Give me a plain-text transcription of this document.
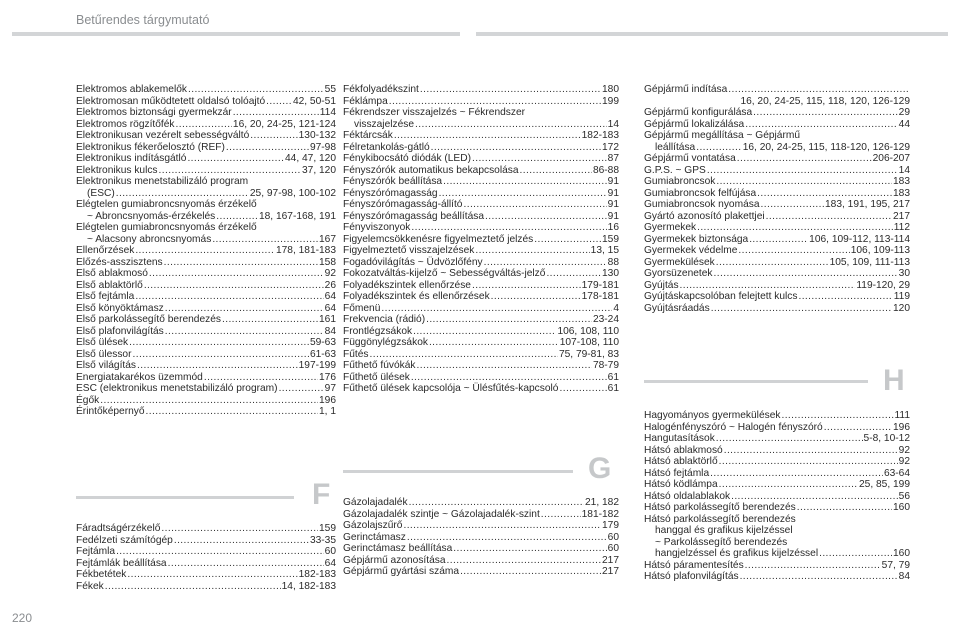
Betűrendes tárgymutató
Elektromos ablakemelők .....	55
Elektromosan működtetett oldalsó tolóajtó .....	42, 50-51
Elektromos biztonsági gyermekzár .....	114
Elektromos rögzítőfék .....	16, 20, 24-25, 121-124
Elektronikusan vezérelt sebességváltó .....	130-132
Elektronikus fékerőelosztó (REF) .....	97-98
Elektronikus indításgátló .....	44, 47, 120
Elektronikus kulcs .....	37, 120
Elektronikus menetstabilizáló program
(ESC) .....	25, 97-98, 100-102
Elégtelen gumiabroncsnyomás érzékelő
~ Abroncsnyomás-érzékelés .....	18, 167-168, 191
Elégtelen gumiabroncsnyomás érzékelő
~ Alacsony abroncsnyomás .....	167
Ellenőrzések .....	178, 181-183
Előzés-asszisztens .....	158
Első ablakmosó .....	92
Első ablaktörlő .....	26
Első fejtámla .....	64
Első könyöktámasz .....	64
Első parkolássegítő berendezés .....	161
Első plafonvilágítás .....	84
Első ülések .....	59-63
Első ülessor .....	61-63
Első világítás .....	197-199
Energiatakarékos üzemmód .....	176
ESC (elektronikus menetstabilizáló program) .....	97
Égők .....	196
Érintőképernyő .....	1, 1
Fáradtságérzékelő .....	159
Fedélzeti számítógép .....	33-35
Fejtámla .....	60
Fejtámlák beállítása .....	64
Fékbetétek .....	182-183
Fékek .....	14, 182-183
Fékfolyadékszint .....	180
Féklámpa .....	199
Fékrendszer visszajelzés ~ Fékrendszer
visszajelzése .....	14
Féktárcsák .....	182-183
Félretankolás-gátló .....	172
Fénykibocsátó diódák (LED) .....	87
Fényszórók automatikus bekapcsolása .....	86-88
Fényszórók beállítása .....	91
Fényszórómagasság .....	91
Fényszórómagasság-állító .....	91
Fényszórómagasság beállítása .....	91
Fényviszonyok .....	16
Figyelemcsökkenésre figyelmeztető jelzés .....	159
Figyelmeztető visszajelzések .....	13, 15
Fogadóvilágítás ~ Üdvözlőfény .....	88
Fokozatváltás-kijelző ~ Sebességváltás-jelző .....	130
Folyadékszintek ellenőrzése .....	179-181
Folyadékszintek és ellenőrzések .....	178-181
Főmenü .....	4
Frekvencia (rádió) .....	23-24
Frontlégzsákok .....	106, 108, 110
Függönylégzsákok .....	107-108, 110
Fűtés .....	75, 79-81, 83
Fűthető fúvókák .....	78-79
Fűthető ülések .....	61
Fűthető ülések kapcsolója ~ Ülésfűtés-kapcsoló .....	61
Gázolajadalék .....	21, 182
Gázolajadalék szintje ~ Gázolajadalék-szint .....	181-182
Gázolajszűrő .....	179
Gerinctámasz .....	60
Gerinctámasz beállítása .....	60
Gépjármű azonosítása .....	217
Gépjármű gyártási száma .....	217
Gépjármű indítása
.....
16, 20, 24-25, 115, 118, 120, 126-129
Gépjármű konfigurálása .....	29
Gépjármű lokalizálása .....	44
Gépjármű megállítása ~ Gépjármű
leállítása .....	16, 20, 24-25, 115, 118-120, 126-129
Gépjármű vontatása .....	206-207
G.P.S. ~ GPS .....	14
Gumiabroncsok .....	183
Gumiabroncsok felfújása .....	183
Gumiabroncsok nyomása .....	183, 191, 195, 217
Gyártó azonosító plakettjei .....	217
Gyermekek .....	112
Gyermekek biztonsága .....	106, 109-112, 113-114
Gyermekek védelme .....	106, 109-113
Gyermekülések .....	105, 109, 111-113
Gyorsüzenetek .....	30
Gyújtás .....	119-120, 29
Gyújtáskapcsolóban felejtett kulcs .....	119
Gyújtásráadás .....	120
Hagyományos gyermekülések .....	111
Halogénfényszóró ~ Halogén fényszóró .....	196
Hangutasítások .....	5-8, 10-12
Hátsó ablakmosó .....	92
Hátsó ablaktörlő .....	92
Hátsó fejtámla .....	63-64
Hátsó ködlámpa .....	25, 85, 199
Hátsó oldalablakok .....	56
Hátsó parkolássegítő berendezés .....	160
Hátsó parkolássegítő berendezés
hanggal és grafikus kijelzéssel
~ Parkolássegítő berendezés
hangjelzéssel és grafikus kijelzéssel .....	160
Hátsó páramentesítés .....	57, 79
Hátsó plafonvilágítás .....	84
F
G
H
220
